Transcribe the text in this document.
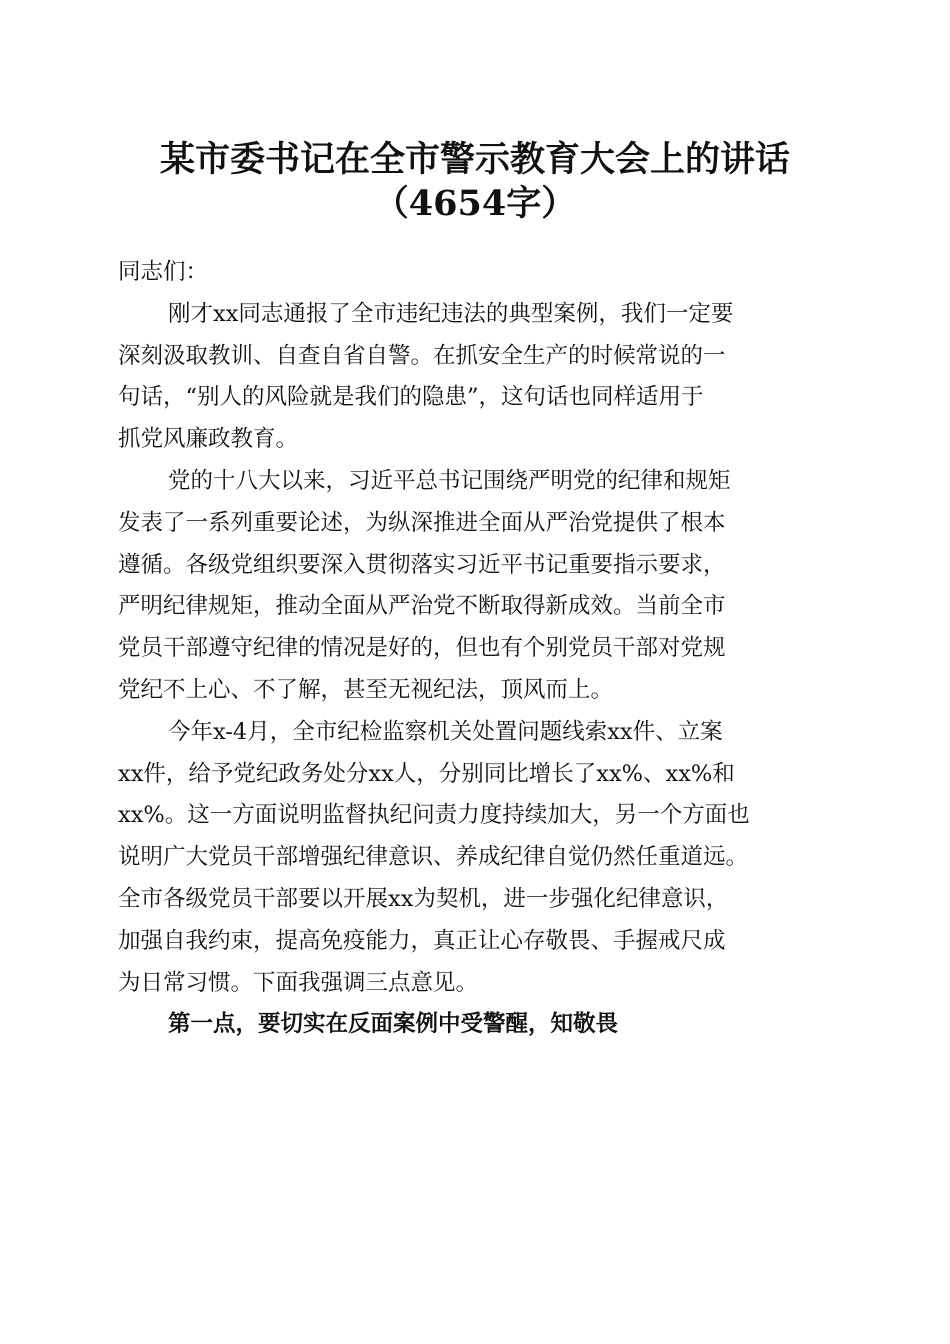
某市委书记在全市警示教育大会上的讲话
（4654字）
同志们：
刚才xx同志通报了全市违纪违法的典型案例，我们一定要
深刻汲取教训、自查自省自警。在抓安全生产的时候常说的一
句话，“别人的风险就是我们的隐患”，这句话也同样适用于
抓党风廉政教育。
党的十八大以来，习近平总书记围绕严明党的纪律和规矩
发表了一系列重要论述，为纵深推进全面从严治党提供了根本
遵循。各级党组织要深入贯彻落实习近平书记重要指示要求，
严明纪律规矩，推动全面从严治党不断取得新成效。当前全市
党员干部遵守纪律的情况是好的，但也有个别党员干部对党规
党纪不上心、不了解，甚至无视纪法，顶风而上。
今年x-4月，全市纪检监察机关处置问题线索xx件、立案
xx件，给予党纪政务处分xx人，分别同比增长了xx%、xx%和
xx%。这一方面说明监督执纪问责力度持续加大，另一个方面也
说明广大党员干部增强纪律意识、养成纪律自觉仍然任重道远。
全市各级党员干部要以开展xx为契机，进一步强化纪律意识，
加强自我约束，提高免疫能力，真正让心存敬畏、手握戒尺成
为日常习惯。下面我强调三点意见。
第一点，要切实在反面案例中受警醒，知敬畏
